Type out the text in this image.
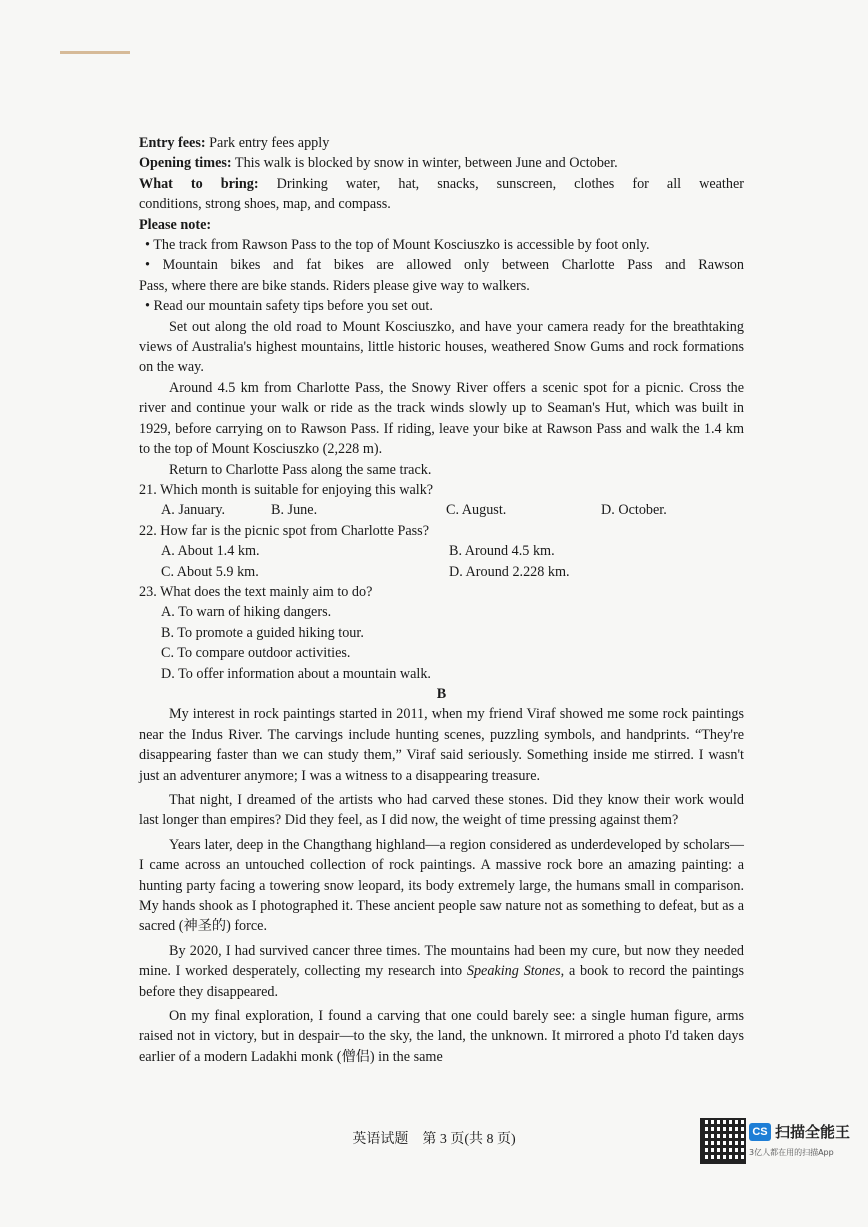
Entry fees: Park entry fees apply

Opening times: This walk is blocked by snow in winter, between June and October.

What to bring: Drinking water, hat, snacks, sunscreen, clothes for all weather

conditions, strong shoes, map, and compass.

Please note:

• The track from Rawson Pass to the top of Mount Kosciuszko is accessible by foot only.

• Mountain bikes and fat bikes are allowed only between Charlotte Pass and Rawson

Pass, where there are bike stands. Riders please give way to walkers.

• Read our mountain safety tips before you set out.

Set out along the old road to Mount Kosciuszko, and have your camera ready for the breathtaking views of Australia's highest mountains, little historic houses, weathered Snow Gums and rock formations on the way.

Around 4.5 km from Charlotte Pass, the Snowy River offers a scenic spot for a picnic. Cross the river and continue your walk or ride as the track winds slowly up to Seaman's Hut, which was built in 1929, before carrying on to Rawson Pass. If riding, leave your bike at Rawson Pass and walk the 1.4 km to the top of Mount Kosciuszko (2,228 m).

Return to Charlotte Pass along the same track.

21. Which month is suitable for enjoying this walk?

A. January.	B. June.	C. August.	D. October.

22. How far is the picnic spot from Charlotte Pass?

A. About 1.4 km.	B. Around 4.5 km.
C. About 5.9 km.	D. Around 2.228 km.

23. What does the text mainly aim to do?

A. To warn of hiking dangers.

B. To promote a guided hiking tour.

C. To compare outdoor activities.

D. To offer information about a mountain walk.

B

My interest in rock paintings started in 2011, when my friend Viraf showed me some rock paintings near the Indus River. The carvings include hunting scenes, puzzling symbols, and handprints. “They're disappearing faster than we can study them,” Viraf said seriously. Something inside me stirred. I wasn't just an adventurer anymore; I was a witness to a disappearing treasure.

That night, I dreamed of the artists who had carved these stones. Did they know their work would last longer than empires? Did they feel, as I did now, the weight of time pressing against them?

Years later, deep in the Changthang highland—a region considered as underdeveloped by scholars—I came across an untouched collection of rock paintings. A massive rock bore an amazing painting: a hunting party facing a towering snow leopard, its body extremely large, the humans small in comparison. My hands shook as I photographed it. These ancient people saw nature not as something to defeat, but as a sacred (神圣的) force.

By 2020, I had survived cancer three times. The mountains had been my cure, but now they needed mine. I worked desperately, collecting my research into Speaking Stones, a book to record the paintings before they disappeared.

On my final exploration, I found a carving that one could barely see: a single human figure, arms raised not in victory, but in despair—to the sky, the land, the unknown. It mirrored a photo I'd taken days earlier of a modern Ladakhi monk (僧侣) in the same

英语试题　第 3 页(共 8 页)	CS 扫描全能王
3亿人都在用的扫描App
